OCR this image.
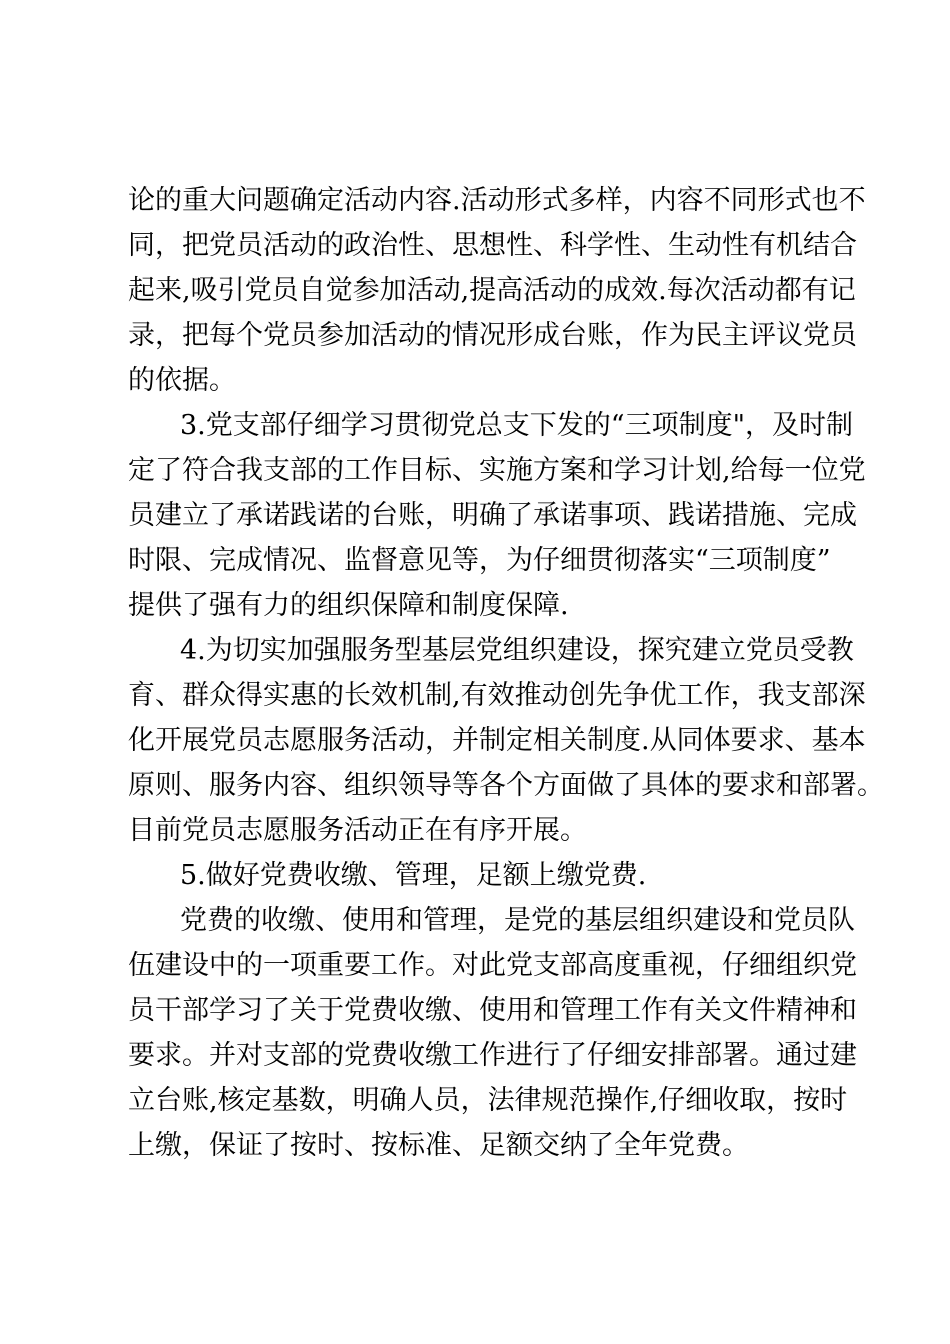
论的重大问题确定活动内容.活动形式多样，内容不同形式也不

同，把党员活动的政治性、思想性、科学性、生动性有机结合

起来,吸引党员自觉参加活动,提高活动的成效.每次活动都有记

录，把每个党员参加活动的情况形成台账，作为民主评议党员

的依据。

3.党支部仔细学习贯彻党总支下发的“三项制度"，及时制

定了符合我支部的工作目标、实施方案和学习计划,给每一位党

员建立了承诺践诺的台账，明确了承诺事项、践诺措施、完成

时限、完成情况、监督意见等，为仔细贯彻落实“三项制度”

提供了强有力的组织保障和制度保障.

4.为切实加强服务型基层党组织建设，探究建立党员受教

育、群众得实惠的长效机制,有效推动创先争优工作，我支部深

化开展党员志愿服务活动，并制定相关制度.从同体要求、基本

原则、服务内容、组织领导等各个方面做了具体的要求和部署。

目前党员志愿服务活动正在有序开展。

5.做好党费收缴、管理，足额上缴党费.

党费的收缴、使用和管理，是党的基层组织建设和党员队

伍建设中的一项重要工作。对此党支部高度重视，仔细组织党

员干部学习了关于党费收缴、使用和管理工作有关文件精神和

要求。并对支部的党费收缴工作进行了仔细安排部署。通过建

立台账,核定基数，明确人员，法律规范操作,仔细收取，按时

上缴，保证了按时、按标准、足额交纳了全年党费。
